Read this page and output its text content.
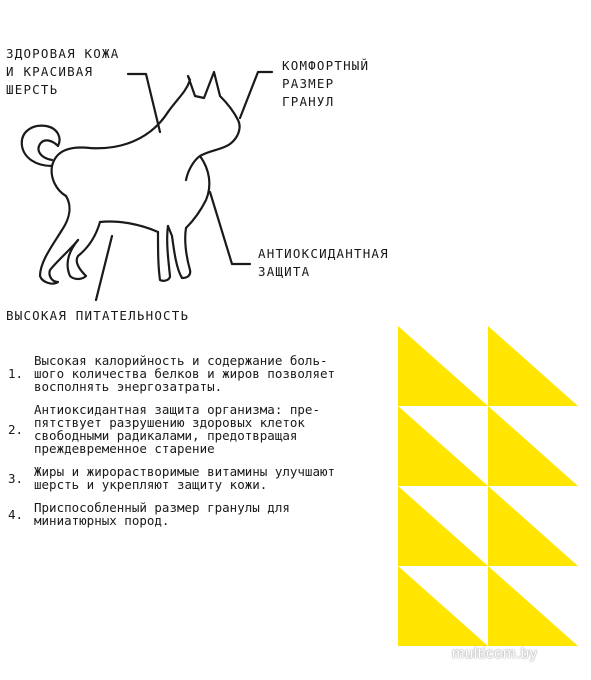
ЗДОРОВАЯ КОЖА
И КРАСИВАЯ
ШЕРСТЬ
КОМФОРТНЫЙ
РАЗМЕР
ГРАНУЛ
АНТИОКСИДАНТНАЯ
ЗАЩИТА
ВЫСОКАЯ ПИТАТЕЛЬНОСТЬ
1.
Высокая калорийность и содержание боль-
шого количества белков и жиров позволяет
восполнять энергозатраты.
2.
Антиоксидантная защита организма: пре-
пятствует разрушению здоровых клеток
свободными радикалами, предотвращая
преждевременное старение
3. Жиры и жирорастворимые витамины улучшают
шерсть и укрепляют защиту кожи.
4. Приспособленный размер гранулы для
миниатюрных пород.
multicom.by
